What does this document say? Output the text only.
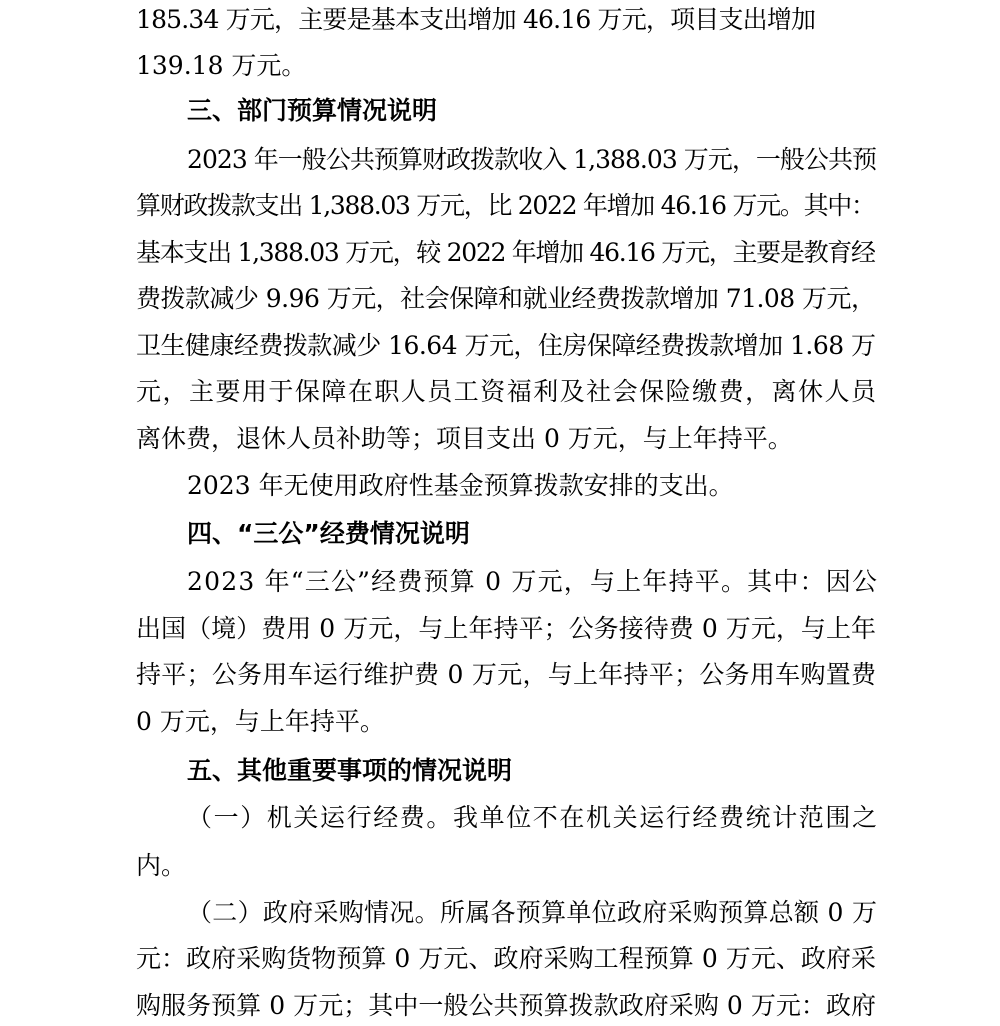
185.34 万元，主要是基本支出增加 46.16 万元，项目支出增加
139.18 万元。
三、部门预算情况说明
2023 年一般公共预算财政拨款收入 1,388.03 万元，一般公共预
算财政拨款支出 1,388.03 万元，比 2022 年增加 46.16 万元。其中：
基本支出 1,388.03 万元，较 2022 年增加 46.16 万元，主要是教育经
费拨款减少 9.96 万元，社会保障和就业经费拨款增加 71.08 万元，
卫生健康经费拨款减少 16.64 万元，住房保障经费拨款增加 1.68 万
元，主要用于保障在职人员工资福利及社会保险缴费，离休人员
离休费，退休人员补助等；项目支出 0 万元，与上年持平。
2023 年无使用政府性基金预算拨款安排的支出。
四、“三公”经费情况说明
2023 年“三公”经费预算 0 万元，与上年持平。其中：因公
出国（境）费用 0 万元，与上年持平；公务接待费 0 万元，与上年
持平；公务用车运行维护费 0 万元，与上年持平；公务用车购置费
0 万元，与上年持平。
五、其他重要事项的情况说明
（一）机关运行经费。我单位不在机关运行经费统计范围之
内。
（二）政府采购情况。所属各预算单位政府采购预算总额 0 万
元：政府采购货物预算 0 万元、政府采购工程预算 0 万元、政府采
购服务预算 0 万元；其中一般公共预算拨款政府采购 0 万元：政府
